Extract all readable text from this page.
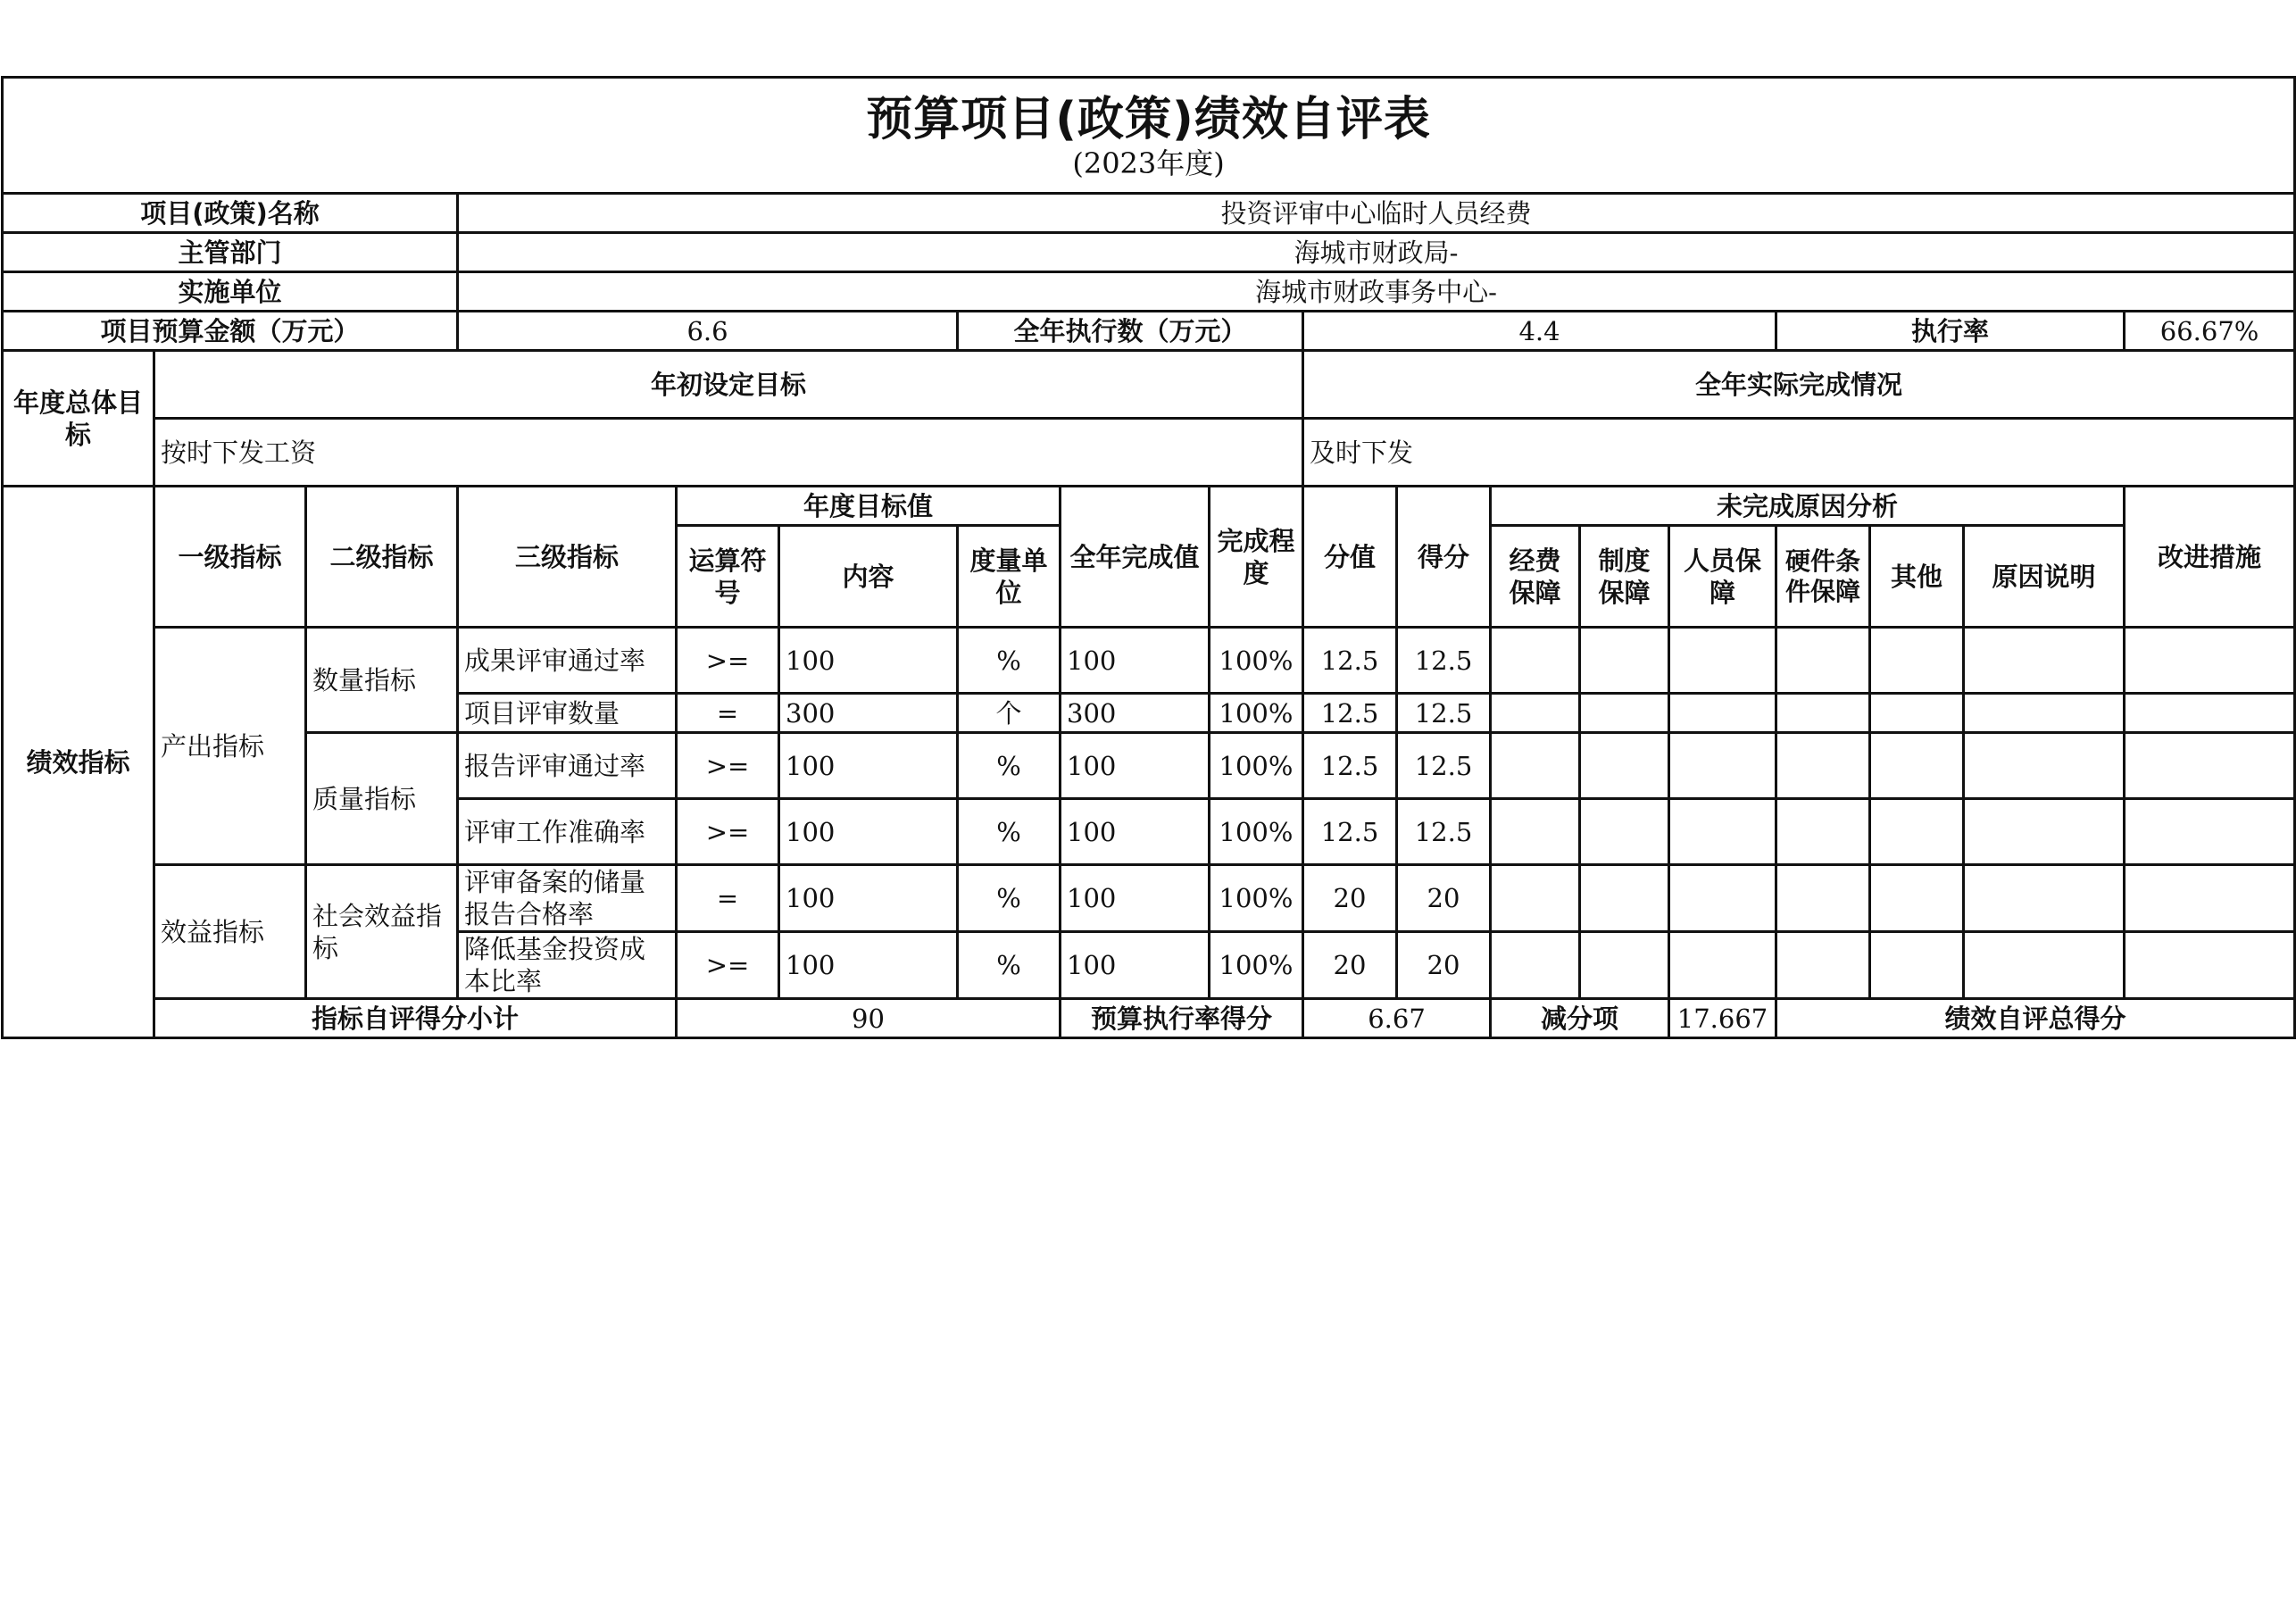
预算项目(政策)绩效自评表
(2023年度)																		

项目(政策)名称			投资评审中心临时人员经费															
主管部门			海城市财政局-															
实施单位			海城市财政事务中心-															
项目预算金额（万元）			6.6			全年执行数（万元）			4.4					执行率			66.67%	
年度总体目标	年初设定目标								全年实际完成情况									
	按时下发工资								及时下发									
绩效指标	一级指标	二级指标	三级指标	年度目标值			全年完成值	完成程度	分值	得分	未完成原因分析						改进措施	
				运算符号	内容	度量单位					经费保障	制度保障	人员保障	硬件条件保障	其他	原因说明		
	产出指标	数量指标	成果评审通过率	>=	100	%	100	100%	12.5	12.5								
			项目评审数量	=	300	个	300	100%	12.5	12.5								
		质量指标	报告评审通过率	>=	100	%	100	100%	12.5	12.5								
			评审工作准确率	>=	100	%	100	100%	12.5	12.5								
	效益指标	社会效益指标	评审备案的储量报告合格率	=	100	%	100	100%	20	20								
			降低基金投资成本比率	>=	100	%	100	100%	20	20								
	指标自评得分小计			90			预算执行率得分		6.67		减分项		17.667	绩效自评总得分	
